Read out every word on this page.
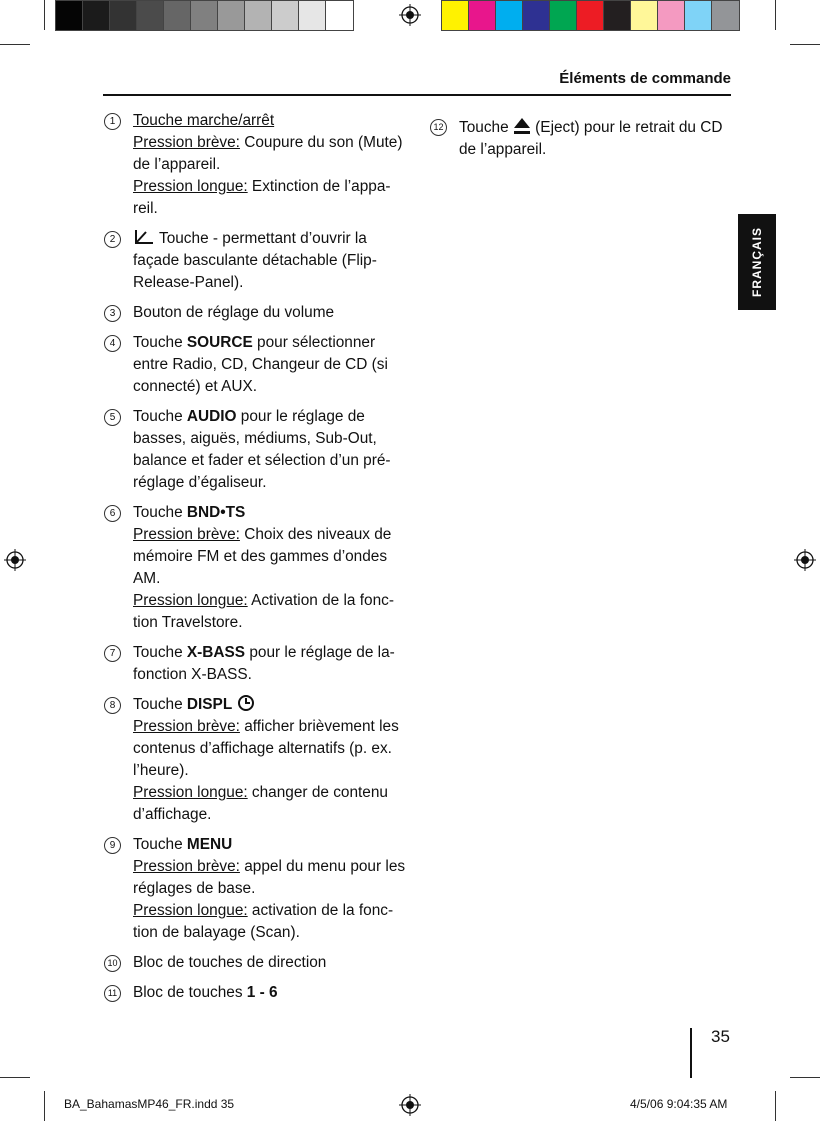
Éléments de commande
FRANÇAIS
1	Touche marche/arrêt
Pression brève: Coupure du son (Mute)
de l’appareil.
Pression longue: Extinction de l’appa-
reil.
2	Touche - permettant d’ouvrir la
façade basculante détachable (Flip-
Release-Panel).
3	Bouton de réglage du volume
4	Touche SOURCE pour sélectionner
entre Radio, CD, Changeur de CD (si
connecté) et AUX.
5	Touche AUDIO pour le réglage de
basses, aiguës, médiums, Sub-Out,
balance et fader et sélection d’un pré-
réglage d’égaliseur.
6	Touche BND•TS
Pression brève: Choix des niveaux de
mémoire FM et des gammes d’ondes
AM.
Pression longue: Activation de la fonc-
tion Travelstore.
7	Touche X-BASS pour le réglage de la-
fonction X-BASS.
8	Touche DISPL
Pression brève: afficher brièvement les
contenus d’affichage alternatifs (p. ex.
l’heure).
Pression longue: changer de contenu
d’affichage.
9	Touche MENU
Pression brève: appel du menu pour les
réglages de base.
Pression longue: activation de la fonc-
tion de balayage (Scan).
10 Bloc de touches de direction
11 Bloc de touches 1 - 6
12 Touche  (Eject) pour le retrait du CD
de l’appareil.
35
BA_BahamasMP46_FR.indd 35	4/5/06 9:04:35 AM
